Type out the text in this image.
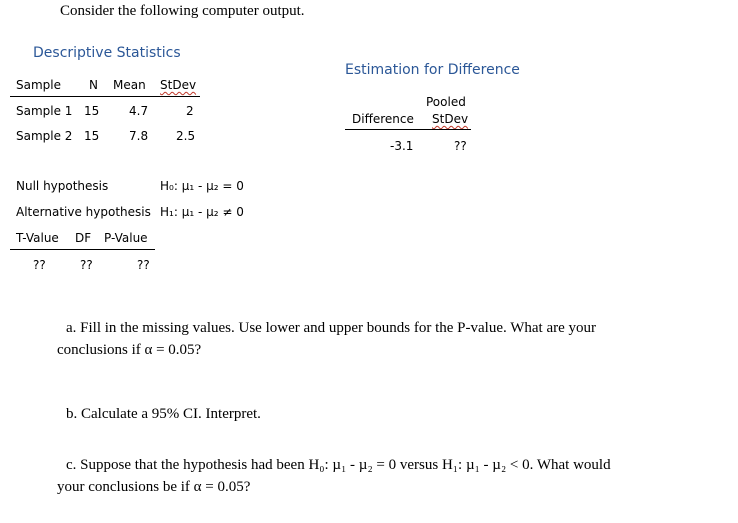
Consider the following computer output.
Descriptive Statistics
Sample N Mean StDev
Sample 1 15 4.7	2
Sample 2 15 7.8 2.5
Estimation for Difference
Pooled
Difference StDev
-3.1	??
Null hypothesis	H₀: μ₁ - µ₂ = 0
Alternative hypothesis H₁: μ₁ - µ₂ ≠ 0
T-Value DF P-Value
??	??	??
a. Fill in the missing values. Use lower and upper bounds for the P-value. What are your
conclusions if α = 0.05?
b. Calculate a 95% CI. Interpret.
c. Suppose that the hypothesis had been H₀: µ₁ - µ₂ = 0 versus H₁: µ₁ - µ₂ < 0. What would
your conclusions be if α = 0.05?
